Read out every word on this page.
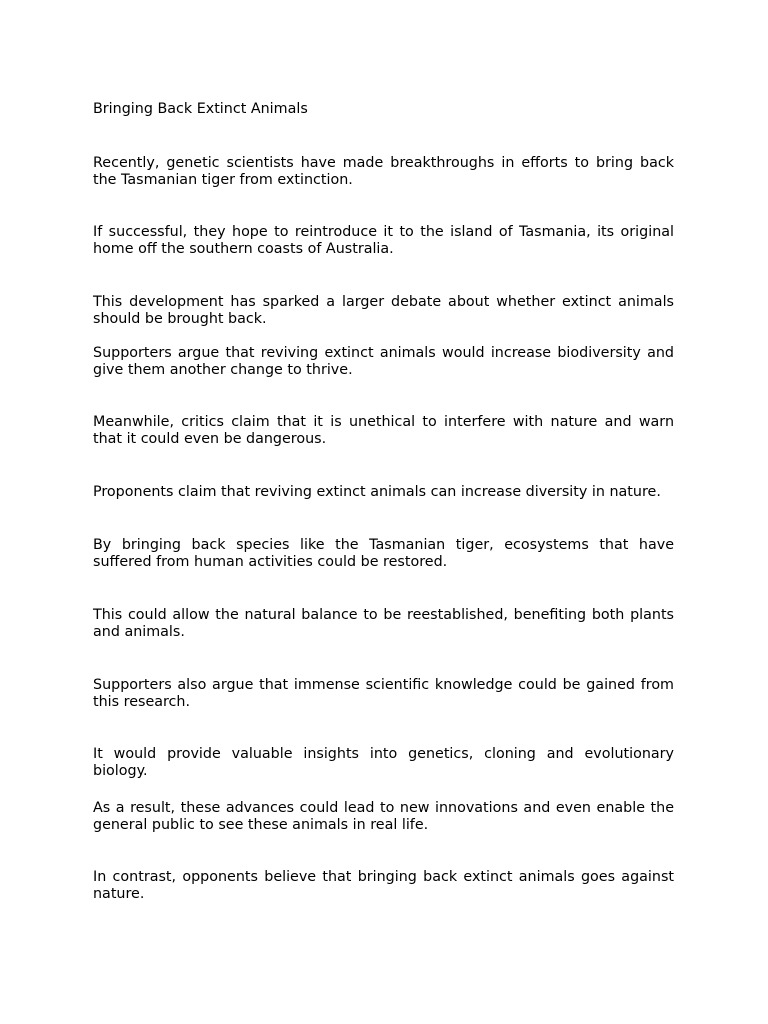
Bringing Back Extinct Animals

Recently, genetic scientists have made breakthroughs in efforts to bring back the Tasmanian tiger from extinction.

If successful, they hope to reintroduce it to the island of Tasmania, its original home off the southern coasts of Australia.

This development has sparked a larger debate about whether extinct animals should be brought back.

Supporters argue that reviving extinct animals would increase biodiversity and give them another change to thrive.

Meanwhile, critics claim that it is unethical to interfere with nature and warn that it could even be dangerous.

Proponents claim that reviving extinct animals can increase diversity in nature.

By bringing back species like the Tasmanian tiger, ecosystems that have suffered from human activities could be restored.

This could allow the natural balance to be reestablished, benefiting both plants and animals.

Supporters also argue that immense scientific knowledge could be gained from this research.

It would provide valuable insights into genetics, cloning and evolutionary biology.

As a result, these advances could lead to new innovations and even enable the general public to see these animals in real life.

In contrast, opponents believe that bringing back extinct animals goes against nature.
